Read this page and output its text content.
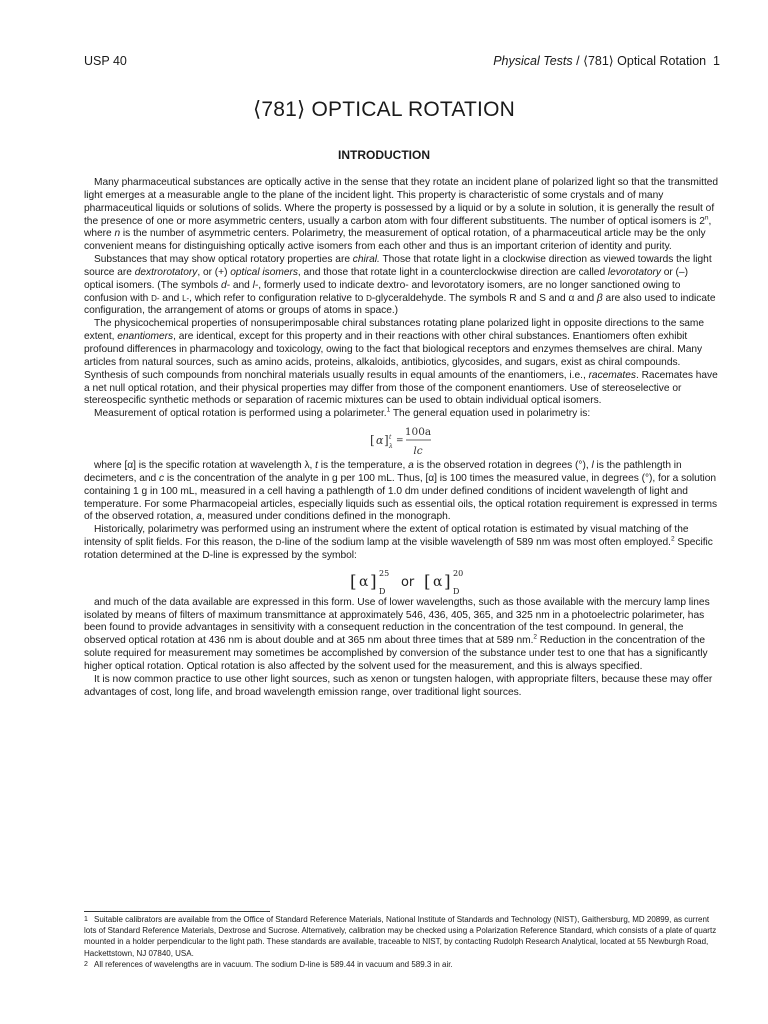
USP 40	Physical Tests / ⟨781⟩ Optical Rotation 1
⟨781⟩ OPTICAL ROTATION
INTRODUCTION

Many pharmaceutical substances are optically active in the sense that they rotate an incident plane of polarized light so that the transmitted light emerges at a measurable angle to the plane of the incident light. This property is characteristic of some crystals and of many pharmaceutical liquids or solutions of solids. Where the property is possessed by a liquid or by a solute in solution, it is generally the result of the presence of one or more asymmetric centers, usually a carbon atom with four different substituents. The number of optical isomers is 2$^n$, where n is the number of asymmetric centers. Polarimetry, the measurement of optical rotation, of a pharmaceutical article may be the only convenient means for distinguishing optically active isomers from each other and thus is an important criterion of identity and purity.

Substances that may show optical rotatory properties are chiral. Those that rotate light in a clockwise direction as viewed towards the light source are dextrorotatory, or (+) optical isomers, and those that rotate light in a counterclockwise direction are called levorotatory or (–) optical isomers. (The symbols d- and l-, formerly used to indicate dextro- and levorotatory isomers, are no longer sanctioned owing to confusion with D- and L-, which refer to configuration relative to D-glyceraldehyde. The symbols R and S and α and β are also used to indicate configuration, the arrangement of atoms or groups of atoms in space.)

The physicochemical properties of nonsuperimposable chiral substances rotating plane polarized light in opposite directions to the same extent, enantiomers, are identical, except for this property and in their reactions with other chiral substances. Enantiomers often exhibit profound differences in pharmacology and toxicology, owing to the fact that biological receptors and enzymes themselves are chiral. Many articles from natural sources, such as amino acids, proteins, alkaloids, antibiotics, glycosides, and sugars, exist as chiral compounds. Synthesis of such compounds from nonchiral materials usually results in equal amounts of the enantiomers, i.e., racemates. Racemates have a net null optical rotation, and their physical properties may differ from those of the component enantiomers. Use of stereoselective or stereospecific synthetic methods or separation of racemic mixtures can be used to obtain individual optical isomers.

Measurement of optical rotation is performed using a polarimeter.$^1$ The general equation used in polarimetry is:

[ α ] t
λ
=
100a
lc

where [α] is the specific rotation at wavelength λ, t is the temperature, a is the observed rotation in degrees (°), l is the pathlength in decimeters, and c is the concentration of the analyte in g per 100 mL. Thus, [α] is 100 times the measured value, in degrees (°), for a solution containing 1 g in 100 mL, measured in a cell having a pathlength of 1.0 dm under defined conditions of incident wavelength of light and temperature. For some Pharmacopeial articles, especially liquids such as essential oils, the optical rotation requirement is expressed in terms of the observed rotation, a, measured under conditions defined in the monograph.

Historically, polarimetry was performed using an instrument where the extent of optical rotation is estimated by visual matching of the intensity of split fields. For this reason, the D-line of the sodium lamp at the visible wavelength of 589 nm was most often employed.$^2$ Specific rotation determined at the D-line is expressed by the symbol:

[ α ] 25
D
or [ α ] 20
D

and much of the data available are expressed in this form. Use of lower wavelengths, such as those available with the mercury lamp lines isolated by means of filters of maximum transmittance at approximately 546, 436, 405, 365, and 325 nm in a photoelectric polarimeter, has been found to provide advantages in sensitivity with a consequent reduction in the concentration of the test compound. In general, the observed optical rotation at 436 nm is about double and at 365 nm about three times that at 589 nm.$^2$ Reduction in the concentration of the solute required for measurement may sometimes be accomplished by conversion of the substance under test to one that has a significantly higher optical rotation. Optical rotation is also affected by the solvent used for the measurement, and this is always specified.

It is now common practice to use other light sources, such as xenon or tungsten halogen, with appropriate filters, because these may offer advantages of cost, long life, and broad wavelength emission range, over traditional light sources.

1 Suitable calibrators are available from the Office of Standard Reference Materials, National Institute of Standards and Technology (NIST), Gaithersburg, MD 20899, as current lots of Standard Reference Materials, Dextrose and Sucrose. Alternatively, calibration may be checked using a Polarization Reference Standard, which consists of a plate of quartz mounted in a holder perpendicular to the light path. These standards are available, traceable to NIST, by contacting Rudolph Research Analytical, located at 55 Newburgh Road, Hackettstown, NJ 07840, USA.

2 All references of wavelengths are in vacuum. The sodium D-line is 589.44 in vacuum and 589.3 in air.
